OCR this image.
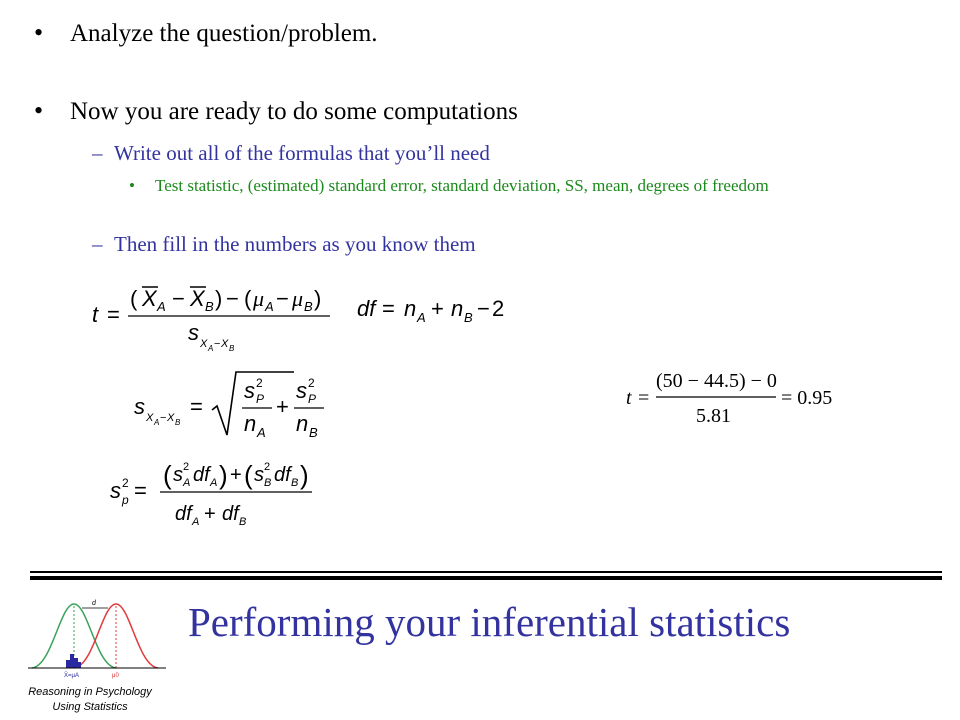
• Analyze the question/problem.
• Now you are ready to do some computations
– Write out all of the formulas that you’ll need
• Test statistic, (estimated) standard error, standard deviation, SS, mean, degrees of freedom
– Then fill in the numbers as you know them
t =
( X A − X B ) − ( μ A − μ B )
s X A − X B
df = n A + n B − 2
s X A − X B
=
s 2
P
n A
+
s 2
P
n B
s 2
p =
( s 2
A df A ) + ( s 2
B df B )
df A + df B
t =
(50 − 44.5) − 0
5.81
= 0.95
d
X̄=μA	μ0
Reasoning in Psychology
Using Statistics
Performing your inferential statistics
